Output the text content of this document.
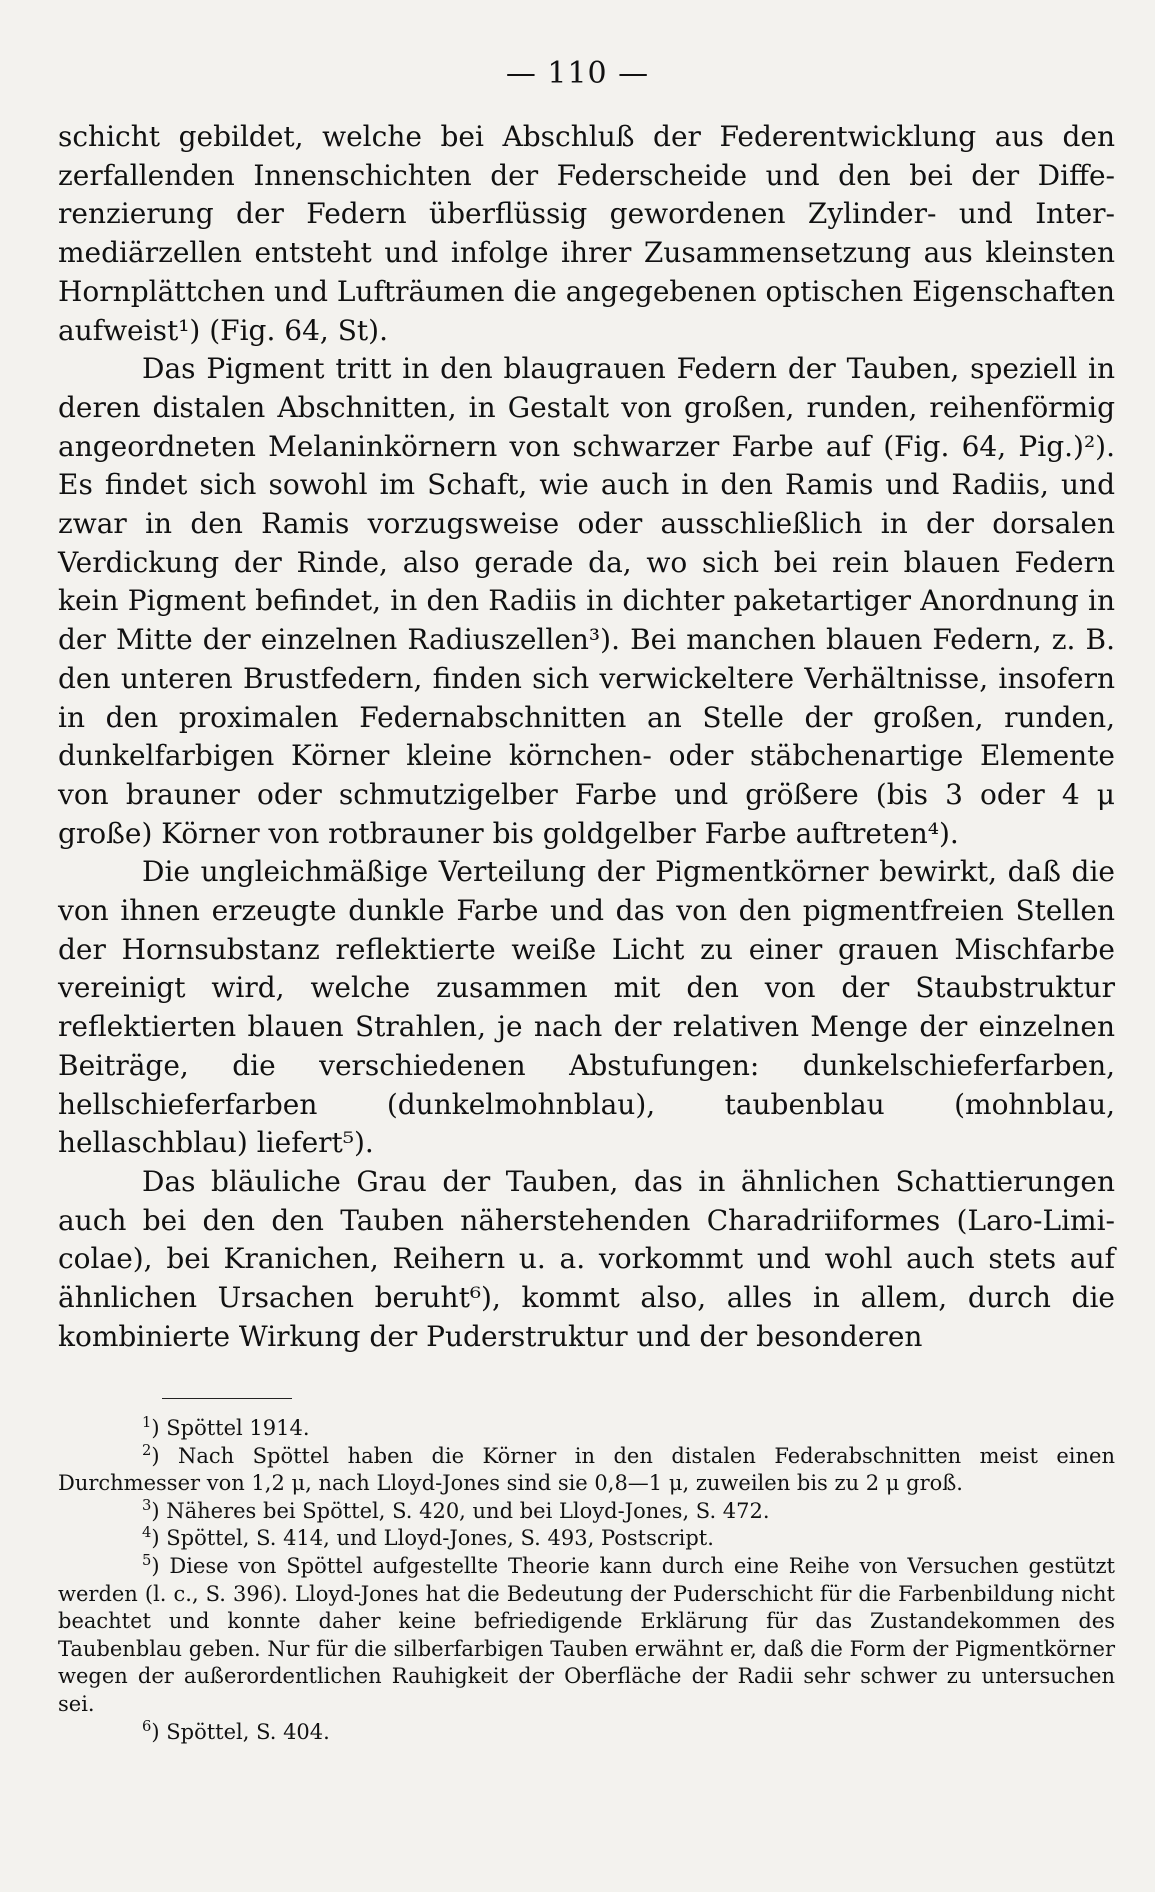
— 110 —

schicht gebildet, welche bei Abschluß der Federentwicklung aus den zerfallenden Innenschichten der Federscheide und den bei der Differenzierung der Federn überflüssig gewordenen Zylinder- und Intermediärzellen entsteht und infolge ihrer Zusammensetzung aus kleinsten Hornplättchen und Lufträumen die angegebenen optischen Eigenschaften aufweist¹) (Fig. 64, St).

Das Pigment tritt in den blaugrauen Federn der Tauben, speziell in deren distalen Abschnitten, in Gestalt von großen, runden, reihenförmig angeordneten Melaninkörnern von schwarzer Farbe auf (Fig. 64, Pig.)²). Es findet sich sowohl im Schaft, wie auch in den Ramis und Radiis, und zwar in den Ramis vorzugsweise oder ausschließlich in der dorsalen Verdickung der Rinde, also gerade da, wo sich bei rein blauen Federn kein Pigment befindet, in den Radiis in dichter paketartiger Anordnung in der Mitte der einzelnen Radiuszellen³). Bei manchen blauen Federn, z. B. den unteren Brustfedern, finden sich verwickeltere Verhältnisse, insofern in den proximalen Federnabschnitten an Stelle der großen, runden, dunkelfarbigen Körner kleine körnchen- oder stäbchenartige Elemente von brauner oder schmutzigelber Farbe und größere (bis 3 oder 4 μ große) Körner von rotbrauner bis goldgelber Farbe auftreten⁴).

Die ungleichmäßige Verteilung der Pigmentkörner bewirkt, daß die von ihnen erzeugte dunkle Farbe und das von den pigmentfreien Stellen der Hornsubstanz reflektierte weiße Licht zu einer grauen Mischfarbe vereinigt wird, welche zusammen mit den von der Staubstruktur reflektierten blauen Strahlen, je nach der relativen Menge der einzelnen Beiträge, die verschiedenen Abstufungen: dunkelschieferfarben, hellschieferfarben (dunkelmohnblau), taubenblau (mohnblau, hellaschblau) liefert⁵).

Das bläuliche Grau der Tauben, das in ähnlichen Schattierungen auch bei den den Tauben näherstehenden Charadriiformes (Laro-Limicolae), bei Kranichen, Reihern u. a. vorkommt und wohl auch stets auf ähnlichen Ursachen beruht⁶), kommt also, alles in allem, durch die kombinierte Wirkung der Puderstruktur und der besonderen

$^1$) Spöttel 1914.

$^2$) Nach Spöttel haben die Körner in den distalen Federabschnitten meist einen Durchmesser von 1,2 μ, nach Lloyd-Jones sind sie 0,8—1 μ, zuweilen bis zu 2 μ groß.

$^3$) Näheres bei Spöttel, S. 420, und bei Lloyd-Jones, S. 472.

$^4$) Spöttel, S. 414, und Lloyd-Jones, S. 493, Postscript.

$^5$) Diese von Spöttel aufgestellte Theorie kann durch eine Reihe von Versuchen gestützt werden (l. c., S. 396). Lloyd-Jones hat die Bedeutung der Puderschicht für die Farbenbildung nicht beachtet und konnte daher keine befriedigende Erklärung für das Zustandekommen des Taubenblau geben. Nur für die silberfarbigen Tauben erwähnt er, daß die Form der Pigmentkörner wegen der außerordentlichen Rauhigkeit der Oberfläche der Radii sehr schwer zu untersuchen sei.

$^6$) Spöttel, S. 404.
